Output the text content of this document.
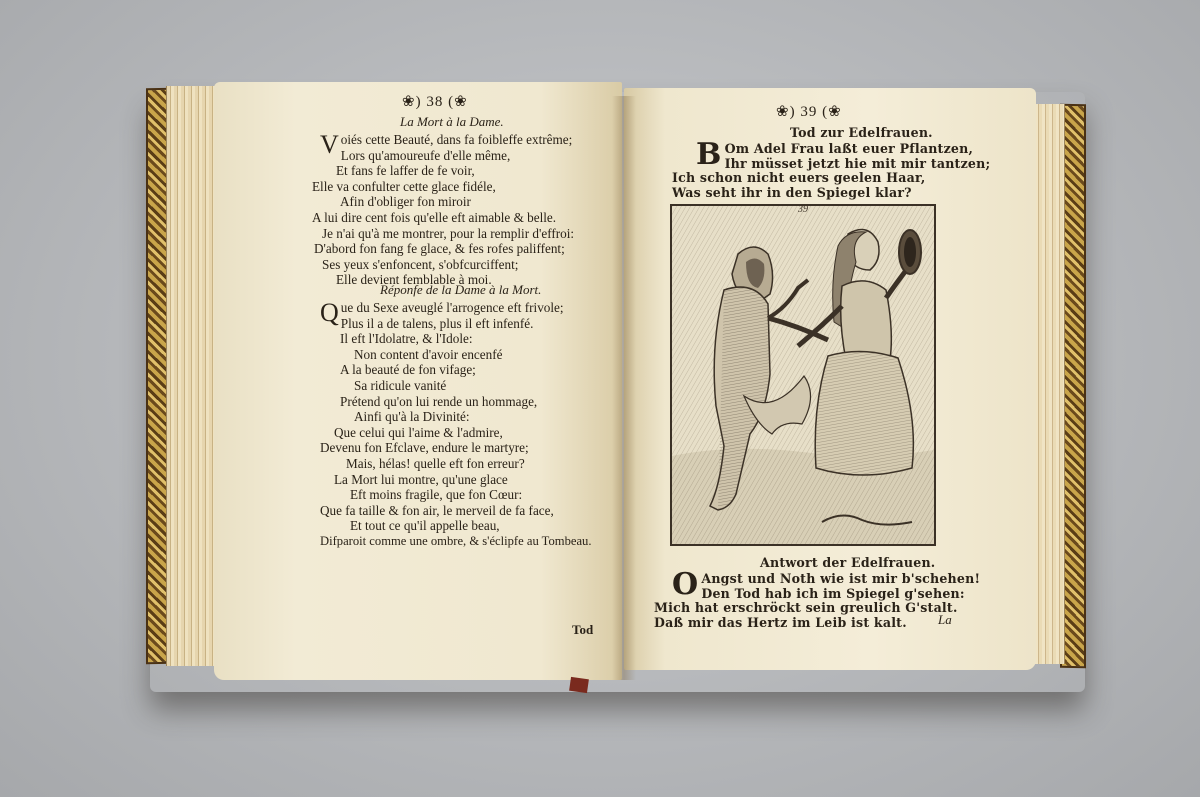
❀) 38 (❀
La Mort à la Dame.
V oiés cette Beauté, dans fa foibleffe extrême;
Lors qu'amoureufe d'elle même,
Et fans fe laffer de fe voir,
Elle va confulter cette glace fidéle,
Afin d'obliger fon miroir
A lui dire cent fois qu'elle eft aimable & belle.
Je n'ai qu'à me montrer, pour la remplir d'effroi:
D'abord fon fang fe glace, & fes rofes paliffent;
Ses yeux s'enfoncent, s'obfcurciffent;
Elle devient femblable à moi.
Réponfe de la Dame à la Mort.
Q ue du Sexe aveuglé l'arrogence eft frivole;
Plus il a de talens, plus il eft infenfé.
Il eft l'Idolatre, & l'Idole:
Non content d'avoir encenfé
A la beauté de fon vifage;
Sa ridicule vanité
Prétend qu'on lui rende un hommage,
Ainfi qu'à la Divinité:
Que celui qui l'aime & l'admire,
Devenu fon Efclave, endure le martyre;
Mais, hélas! quelle eft fon erreur?
La Mort lui montre, qu'une glace
Eft moins fragile, que fon Cœur:
Que fa taille & fon air, le merveil de fa face,
Et tout ce qu'il appelle beau,
Difparoit comme une ombre, & s'éclipfe au Tombeau.
Tod
❀) 39 (❀
Tod zur Edelfrauen.
B Om Adel Frau laßt euer Pflantzen,
Ihr müsset jetzt hie mit mir tantzen;
Ich schon nicht euers geelen Haar,
Was seht ihr in den Spiegel klar?
Antwort der Edelfrauen.
O Angst und Noth wie ist mir b'schehen!
Den Tod hab ich im Spiegel g'sehen:
Mich hat erschröckt sein greulich G'stalt.
Daß mir das Hertz im Leib ist kalt.	La
39
